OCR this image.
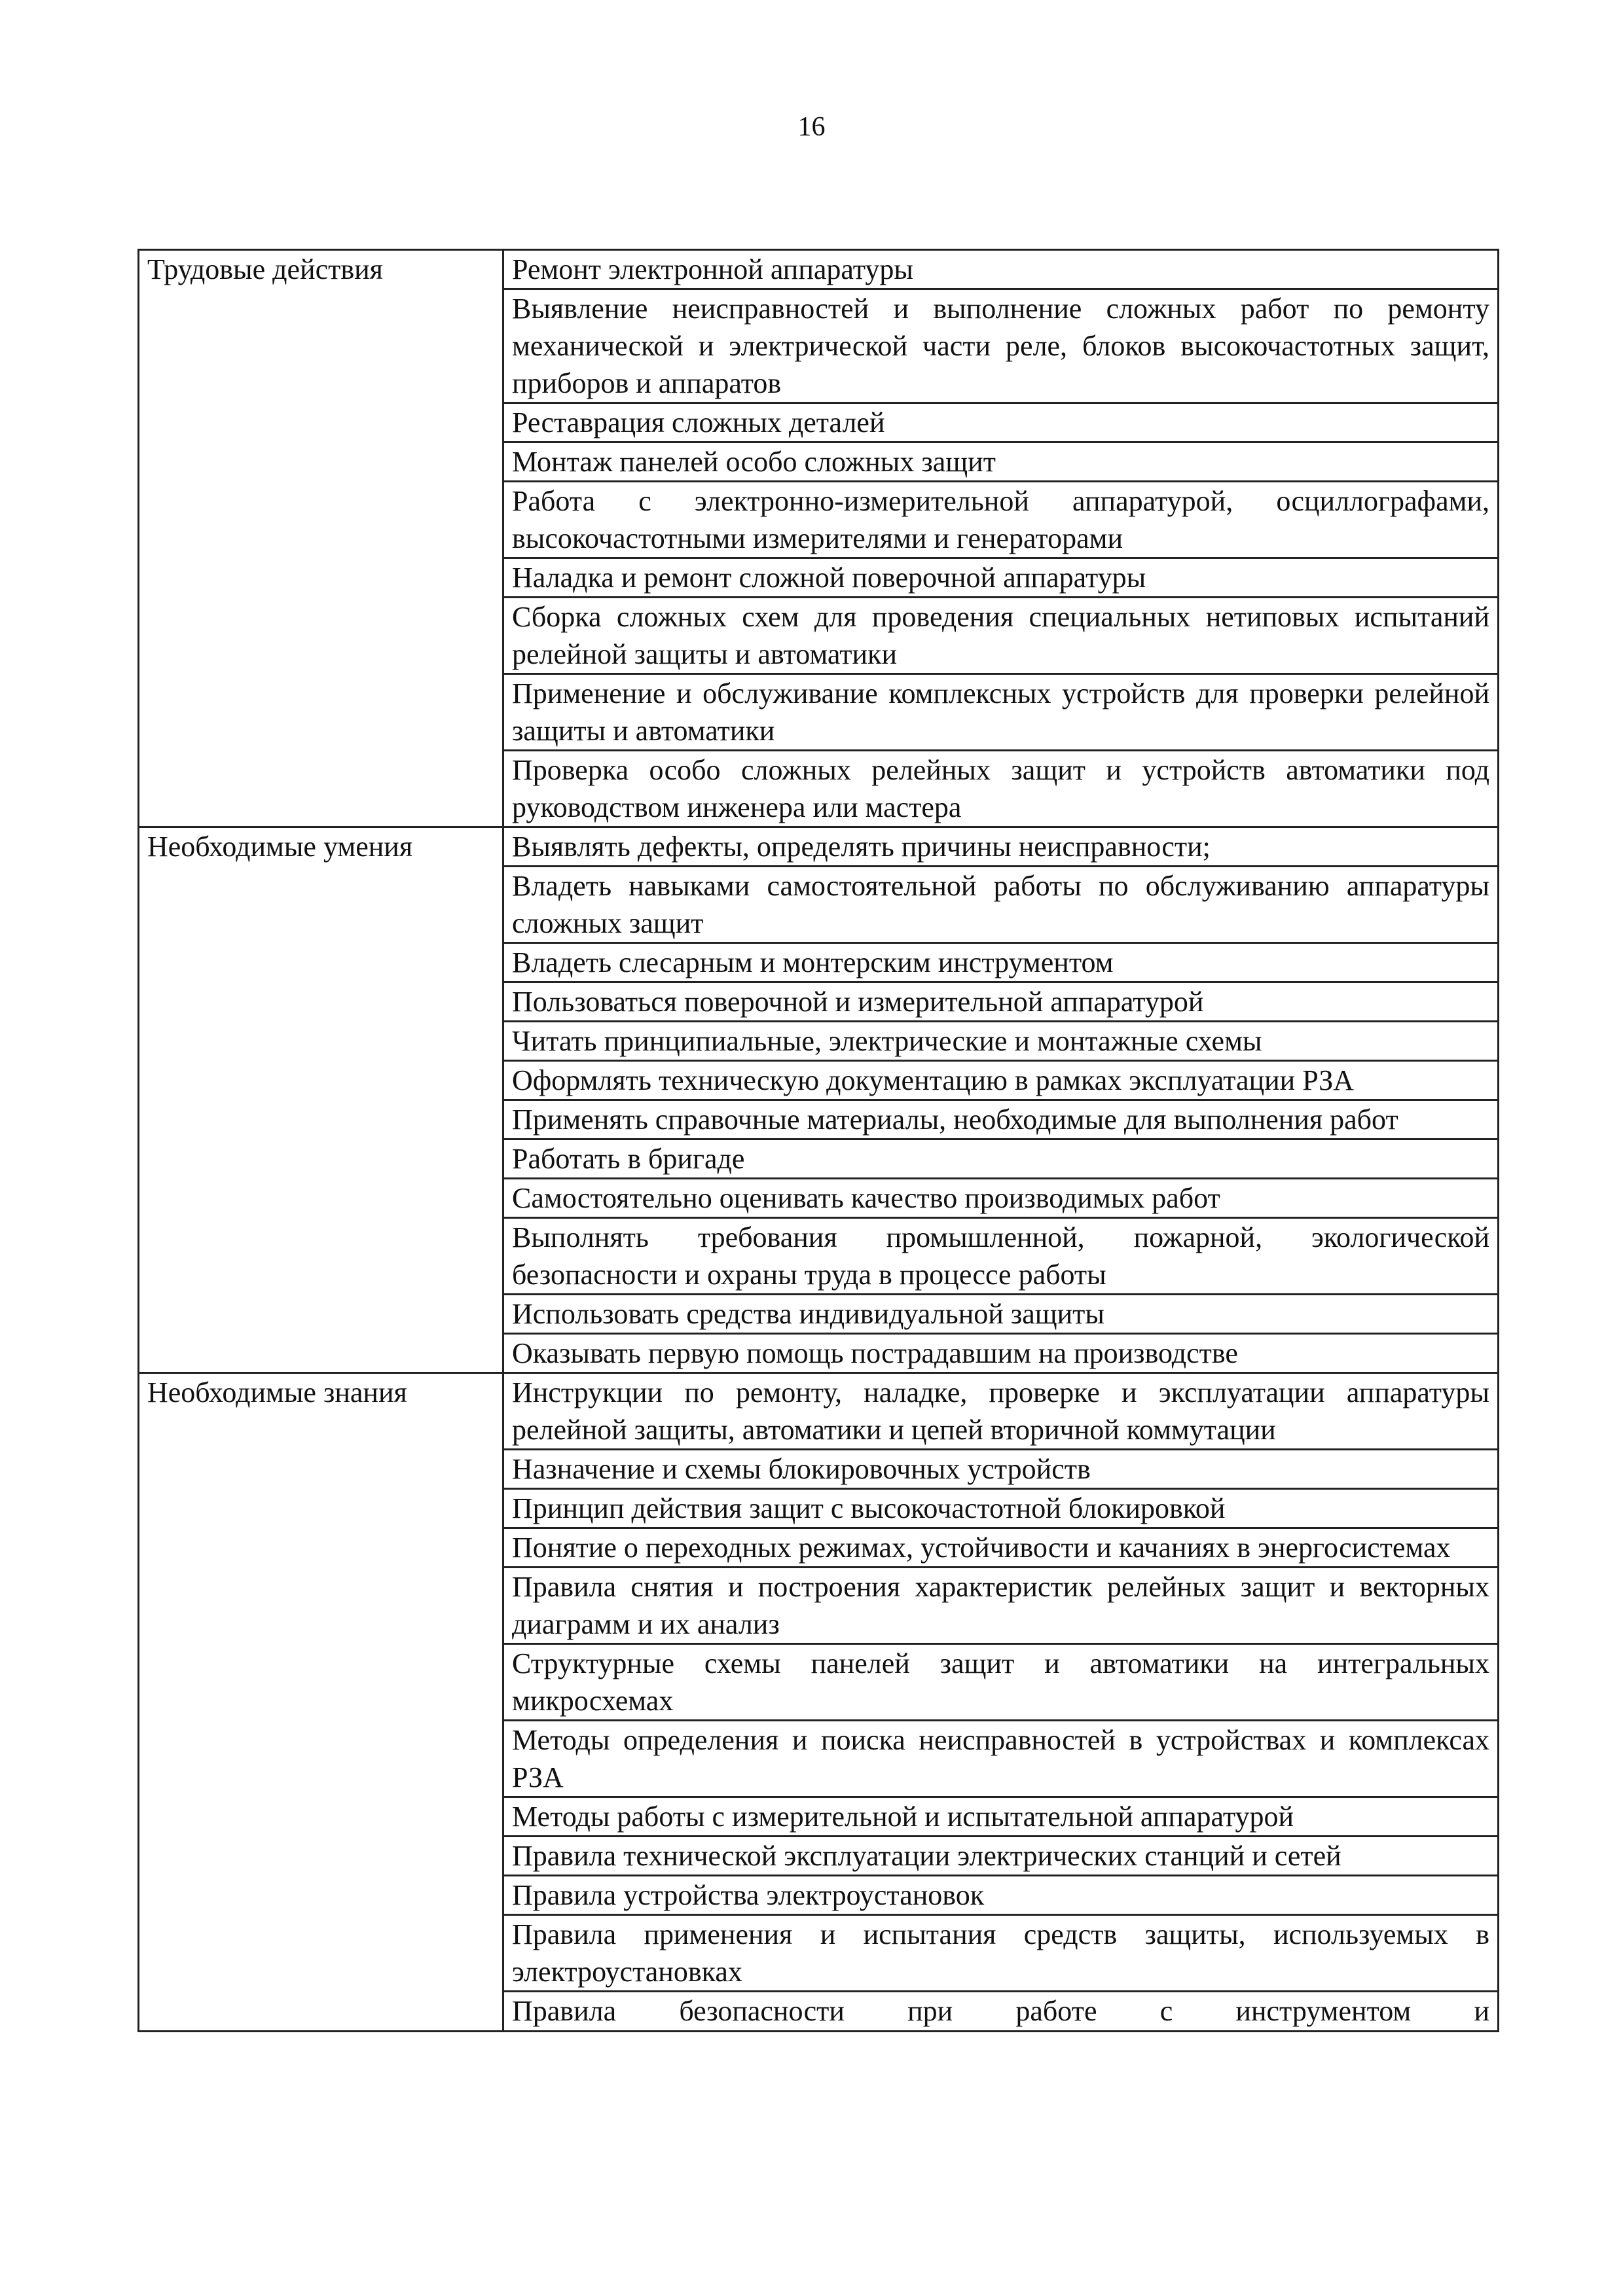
16
Трудовые действия	Ремонт электронной аппаратуры
	Выявление неисправностей и выполнение сложных работ по ремонту механической и электрической части реле, блоков высокочастотных защит, приборов и аппаратов
	Реставрация сложных деталей
	Монтаж панелей особо сложных защит
	Работа с электронно-измерительной аппаратурой, осциллографами, высокочастотными измерителями и генераторами
	Наладка и ремонт сложной поверочной аппаратуры
	Сборка сложных схем для проведения специальных нетиповых испытаний релейной защиты и автоматики
	Применение и обслуживание комплексных устройств для проверки релейной защиты и автоматики
	Проверка особо сложных релейных защит и устройств автоматики под руководством инженера или мастера
Необходимые умения	Выявлять дефекты, определять причины неисправности;
	Владеть навыками самостоятельной работы по обслуживанию аппаратуры сложных защит
	Владеть слесарным и монтерским инструментом
	Пользоваться поверочной и измерительной аппаратурой
	Читать принципиальные, электрические и монтажные схемы
	Оформлять техническую документацию в рамках эксплуатации РЗА
	Применять справочные материалы, необходимые для выполнения работ
	Работать в бригаде
	Самостоятельно оценивать качество производимых работ
	Выполнять требования промышленной, пожарной, экологической безопасности и охраны труда в процессе работы
	Использовать средства индивидуальной защиты
	Оказывать первую помощь пострадавшим на производстве
Необходимые знания	Инструкции по ремонту, наладке, проверке и эксплуатации аппаратуры релейной защиты, автоматики и цепей вторичной коммутации
	Назначение и схемы блокировочных устройств
	Принцип действия защит с высокочастотной блокировкой
	Понятие о переходных режимах, устойчивости и качаниях в энергосистемах
	Правила снятия и построения характеристик релейных защит и векторных диаграмм и их анализ
	Структурные схемы панелей защит и автоматики на интегральных микросхемах
	Методы определения и поиска неисправностей в устройствах и комплексах РЗА
	Методы работы с измерительной и испытательной аппаратурой
	Правила технической эксплуатации электрических станций и сетей
	Правила устройства электроустановок
	Правила применения и испытания средств защиты, используемых в электроустановках
	Правила безопасности при работе с инструментом и
